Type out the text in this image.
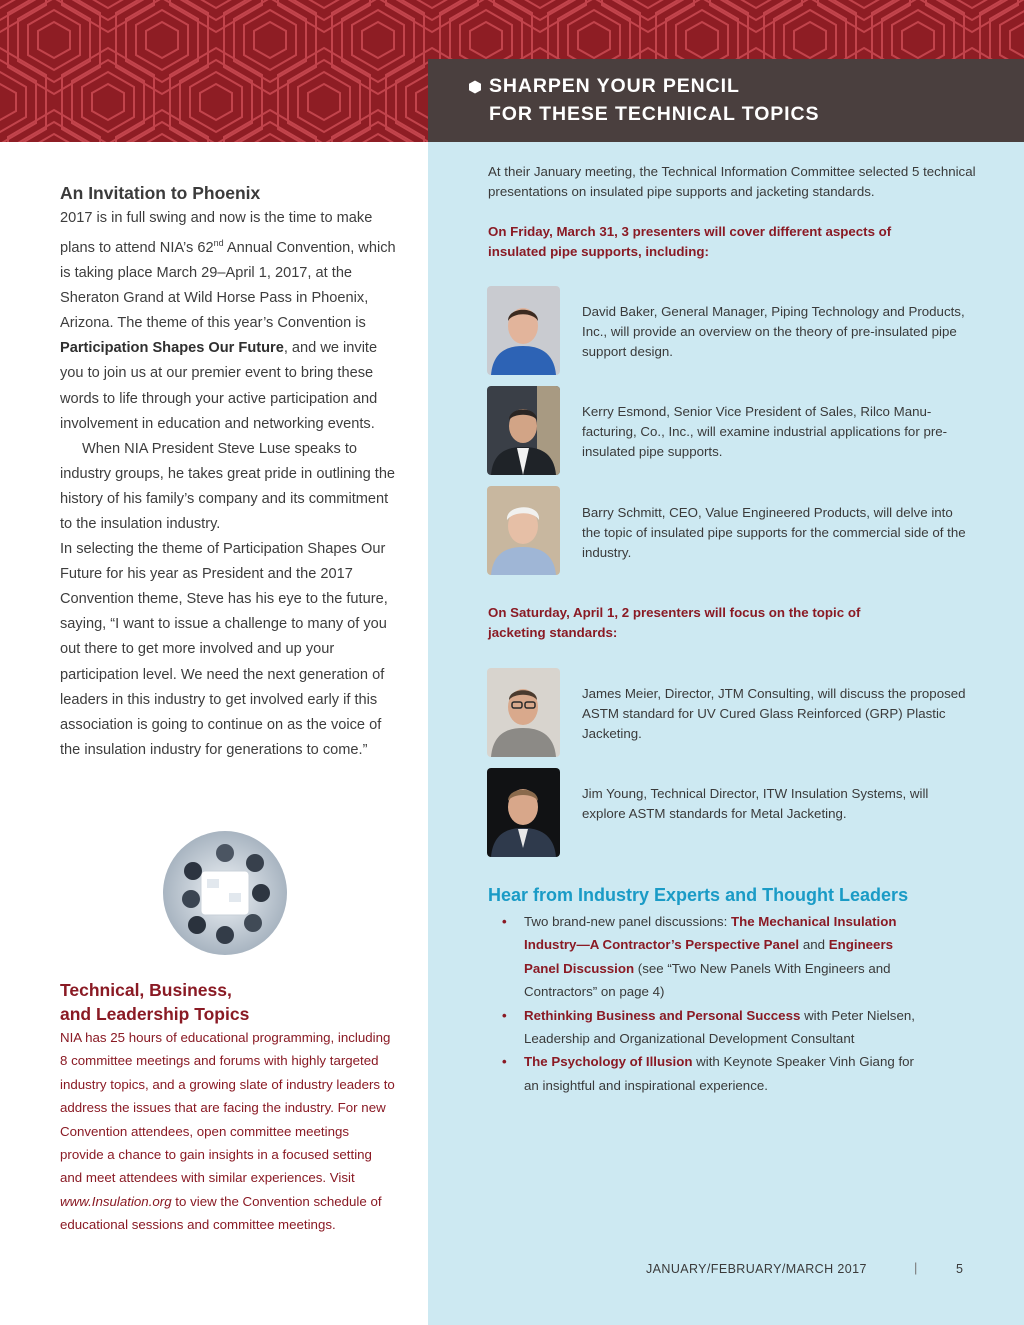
SHARPEN YOUR PENCIL
FOR THESE TECHNICAL TOPICS
An Invitation to Phoenix

2017 is in full swing and now is the time to make plans to attend NIA’s 62nd Annual Convention, which is taking place March 29–April 1, 2017, at the Sheraton Grand at Wild Horse Pass in Phoenix, Arizona. The theme of this year’s Convention is Participation Shapes Our Future, and we invite you to join us at our premier event to bring these words to life through your active participation and involvement in education and networking events.

When NIA President Steve Luse speaks to industry groups, he takes great pride in outlining the history of his family’s company and its commitment to the insulation industry.

In selecting the theme of Participation Shapes Our Future for his year as President and the 2017 Convention theme, Steve has his eye to the future, saying, “I want to issue a challenge to many of you out there to get more involved and up your participation level. We need the next generation of leaders in this industry to get involved early if this association is going to continue on as the voice of the insulation industry for generations to come.”

Technical, Business,
and Leadership Topics

NIA has 25 hours of educational programming, including 8 committee meetings and forums with highly targeted industry topics, and a growing slate of industry leaders to address the issues that are facing the industry. For new Convention attendees, open committee meetings provide a chance to gain insights in a focused setting and meet attendees with similar experiences. Visit www.Insulation.org to view the Convention schedule of educational sessions and committee meetings.

At their January meeting, the Technical Information Committee selected 5 technical presentations on insulated pipe supports and jacketing standards.
On Friday, March 31, 3 presenters will cover different aspects of insulated pipe supports, including:
David Baker, General Manager, Piping Technology and Products, Inc., will provide an overview on the theory of pre-insulated pipe support design.
Kerry Esmond, Senior Vice President of Sales, Rilco Manu-facturing, Co., Inc., will examine industrial applications for pre-insulated pipe supports.
Barry Schmitt, CEO, Value Engineered Products, will delve into the topic of insulated pipe supports for the commercial side of the industry.
On Saturday, April 1, 2 presenters will focus on the topic of jacketing standards:
James Meier, Director, JTM Consulting, will discuss the proposed ASTM standard for UV Cured Glass Reinforced (GRP) Plastic Jacketing.
Jim Young, Technical Director, ITW Insulation Systems, will explore ASTM standards for Metal Jacketing.
Hear from Industry Experts and Thought Leaders
• Two brand-new panel discussions: The Mechanical Insulation Industry—A Contractor’s Perspective Panel and Engineers Panel Discussion (see “Two New Panels With Engineers and Contractors” on page 4)
• Rethinking Business and Personal Success with Peter Nielsen, Leadership and Organizational Development Consultant
• The Psychology of Illusion with Keynote Speaker Vinh Giang for an insightful and inspirational experience.
JANUARY/FEBRUARY/MARCH 2017	|	5
